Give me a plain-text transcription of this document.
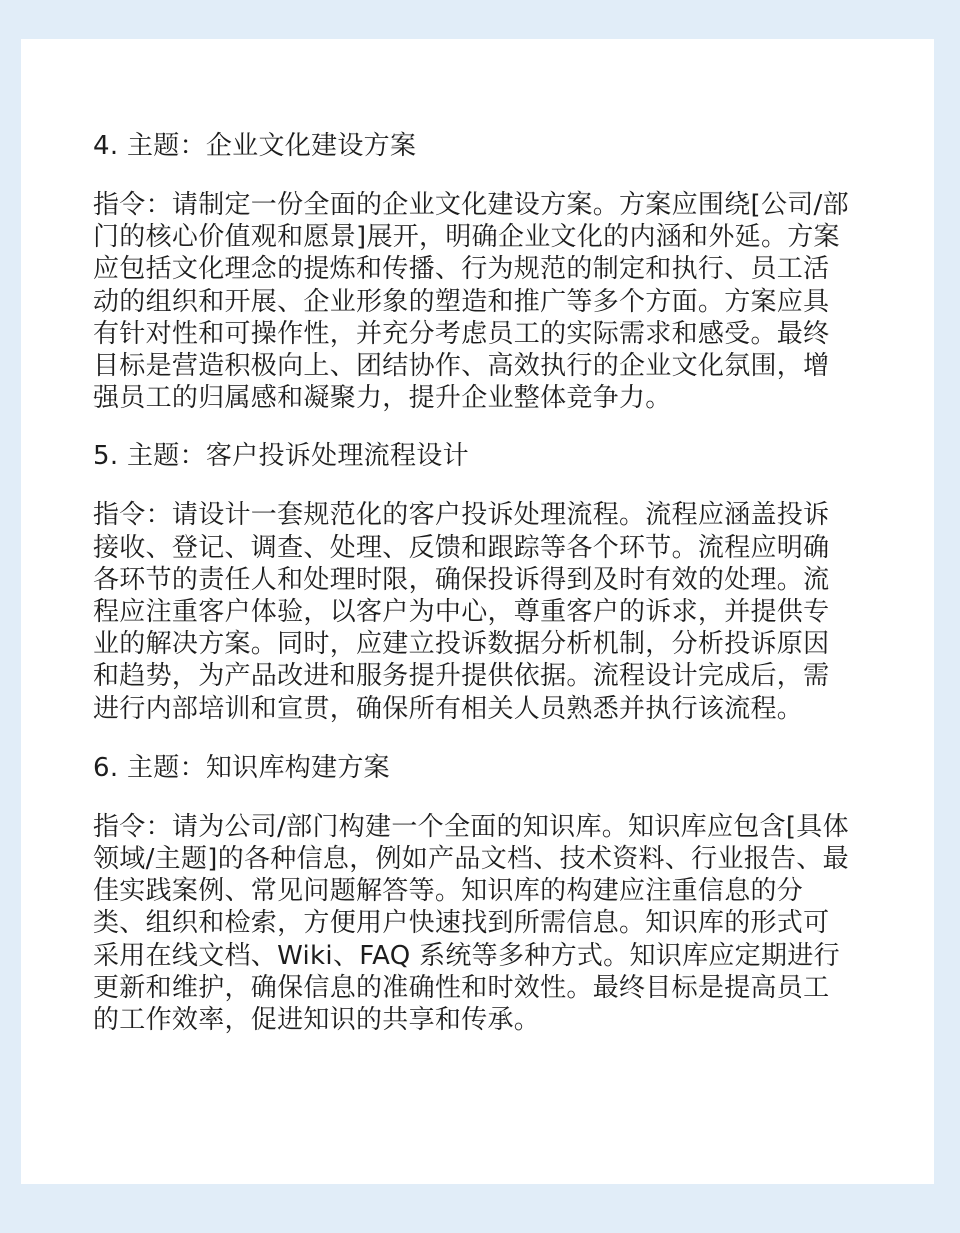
4. 主题：企业文化建设方案

指令：请制定一份全面的企业文化建设方案。方案应围绕[公司/部
门的核心价值观和愿景]展开，明确企业文化的内涵和外延。方案
应包括文化理念的提炼和传播、行为规范的制定和执行、员工活
动的组织和开展、企业形象的塑造和推广等多个方面。方案应具
有针对性和可操作性，并充分考虑员工的实际需求和感受。最终
目标是营造积极向上、团结协作、高效执行的企业文化氛围，增
强员工的归属感和凝聚力，提升企业整体竞争力。

5. 主题：客户投诉处理流程设计

指令：请设计一套规范化的客户投诉处理流程。流程应涵盖投诉
接收、登记、调查、处理、反馈和跟踪等各个环节。流程应明确
各环节的责任人和处理时限，确保投诉得到及时有效的处理。流
程应注重客户体验，以客户为中心，尊重客户的诉求，并提供专
业的解决方案。同时，应建立投诉数据分析机制，分析投诉原因
和趋势，为产品改进和服务提升提供依据。流程设计完成后，需
进行内部培训和宣贯，确保所有相关人员熟悉并执行该流程。

6. 主题：知识库构建方案

指令：请为公司/部门构建一个全面的知识库。知识库应包含[具体
领域/主题]的各种信息，例如产品文档、技术资料、行业报告、最
佳实践案例、常见问题解答等。知识库的构建应注重信息的分
类、组织和检索，方便用户快速找到所需信息。知识库的形式可
采用在线文档、Wiki、FAQ 系统等多种方式。知识库应定期进行
更新和维护，确保信息的准确性和时效性。最终目标是提高员工
的工作效率，促进知识的共享和传承。
